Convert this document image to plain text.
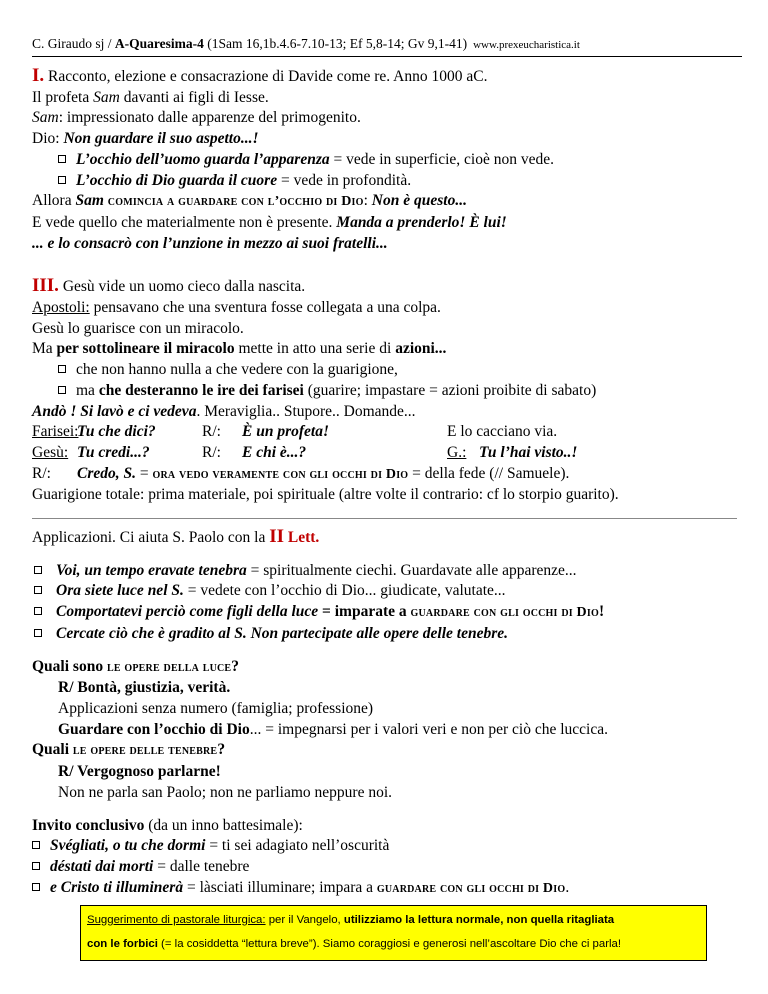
C. Giraudo sj / A-Quaresima-4 (1Sam 16,1b.4.6-7.10-13; Ef 5,8-14; Gv 9,1-41) www.prexeucharistica.it
I. Racconto, elezione e consacrazione di Davide come re. Anno 1000 aC.
Il profeta Sam davanti ai figli di Iesse.
Sam: impressionato dalle apparenze del primogenito.
Dio: Non guardare il suo aspetto...!
L’occhio dell’uomo guarda l’apparenza = vede in superficie, cioè non vede.
L’occhio di Dio guarda il cuore = vede in profondità.
Allora Sam comincia a guardare con l’occhio di Dio: Non è questo...
E vede quello che materialmente non è presente. Manda a prenderlo! È lui!
... e lo consacrò con l’unzione in mezzo ai suoi fratelli...
III. Gesù vide un uomo cieco dalla nascita.
Apostoli: pensavano che una sventura fosse collegata a una colpa.
Gesù lo guarisce con un miracolo.
Ma per sottolineare il miracolo mette in atto una serie di azioni...
che non hanno nulla a che vedere con la guarigione,
ma che desteranno le ire dei farisei (guarire; impastare = azioni proibite di sabato)
Andò ! Si lavò e ci vedeva. Meraviglia.. Stupore.. Domande...
Farisei:Tu che dici?	R/: È un profeta!	E lo cacciano via.
Gesù: Tu credi...?	R/: E chi è...?	G.: Tu l’hai visto..!
R/: Credo, S. = ora vedo veramente con gli occhi di Dio = della fede (// Samuele).
Guarigione totale: prima materiale, poi spirituale (altre volte il contrario: cf lo storpio guarito).
Applicazioni. Ci aiuta S. Paolo con la II Lett.
Voi, un tempo eravate tenebra = spiritualmente ciechi. Guardavate alle apparenze...
Ora siete luce nel S. = vedete con l’occhio di Dio... giudicate, valutate...
Comportatevi perciò come figli della luce = imparate a guardare con gli occhi di Dio!
Cercate ciò che è gradito al S. Non partecipate alle opere delle tenebre.
Quali sono le opere della luce?
R/ Bontà, giustizia, verità.
Applicazioni senza numero (famiglia; professione)
Guardare con l’occhio di Dio... = impegnarsi per i valori veri e non per ciò che luccica.
Quali le opere delle tenebre?
R/ Vergognoso parlarne!
Non ne parla san Paolo; non ne parliamo neppure noi.
Invito conclusivo (da un inno battesimale):
Svégliati, o tu che dormi = ti sei adagiato nell’oscurità
déstati dai morti = dalle tenebre
e Cristo ti illuminerà = làsciati illuminare; impara a guardare con gli occhi di Dio.
Suggerimento di pastorale liturgica: per il Vangelo, utilizziamo la lettura normale, non quella ritagliata
con le forbici (= la cosiddetta “lettura breve”). Siamo coraggiosi e generosi nell’ascoltare Dio che ci parla!
